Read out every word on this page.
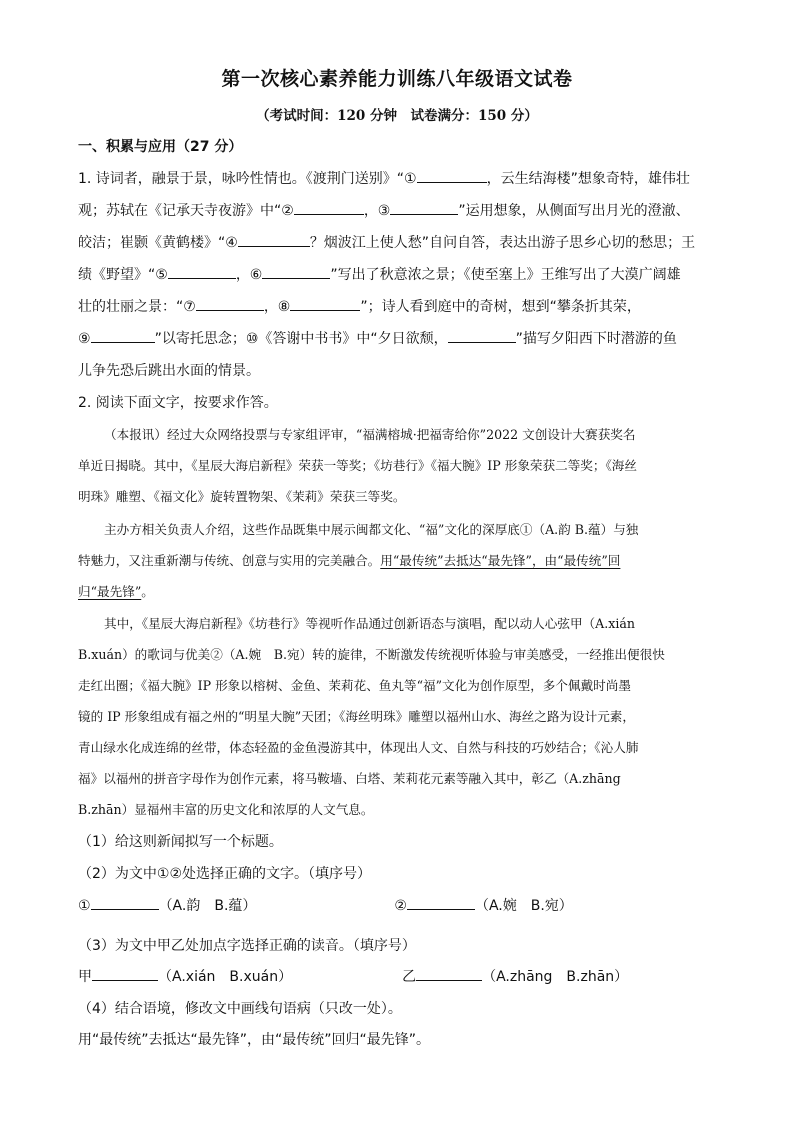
第一次核心素养能力训练八年级语文试卷
（考试时间：120 分钟　试卷满分：150 分）
一、积累与应用（27 分）
1. 诗词者，融景于景，咏吟性情也。《渡荆门送别》“①	，云生结海楼”想象奇特，雄伟壮
观；苏轼在《记承天寺夜游》中“②	，③	”运用想象，从侧面写出月光的澄澈、
皎洁；崔颢《黄鹤楼》“④	？烟波江上使人愁”自问自答，表达出游子思乡心切的愁思；王
绩《野望》“⑤	，⑥	”写出了秋意浓之景；《使至塞上》王维写出了大漠广阔雄
壮的壮丽之景：“⑦	，⑧	”；诗人看到庭中的奇树，想到“攀条折其荣，
⑨	”以寄托思念；⑩《答谢中书书》中“夕日欲颓，	”描写夕阳西下时潜游的鱼
儿争先恐后跳出水面的情景。
2. 阅读下面文字，按要求作答。
（本报讯）经过大众网络投票与专家组评审，“福满榕城·把福寄给你”2022 文创设计大赛获奖名
单近日揭晓。其中，《星辰大海启新程》荣获一等奖；《坊巷行》《福大腕》IP 形象荣获二等奖；《海丝
明珠》雕塑、《福文化》旋转置物架、《茉莉》荣获三等奖。
主办方相关负责人介绍，这些作品既集中展示闽都文化、“福”文化的深厚底①（A.韵 B.蕴）与独
特魅力，又注重新潮与传统、创意与实用的完美融合。用“最传统”去抵达“最先锋”，由“最传统”回
归“最先锋”。
其中，《星辰大海启新程》《坊巷行》等视听作品通过创新语态与演唱，配以动人心弦甲（A.xián
B.xuán）的歌词与优美②（A.婉　B.宛）转的旋律，不断激发传统视听体验与审美感受，一经推出便很快
走红出圈；《福大腕》IP 形象以榕树、金鱼、茉莉花、鱼丸等“福”文化为创作原型，多个佩戴时尚墨
镜的 IP 形象组成有福之州的“明星大腕”天团；《海丝明珠》雕塑以福州山水、海丝之路为设计元素，
青山绿水化成连绵的丝带，体态轻盈的金鱼漫游其中，体现出人文、自然与科技的巧妙结合；《沁人肺
福》以福州的拼音字母作为创作元素，将马鞍墙、白塔、茉莉花元素等融入其中，彰乙（A.zhāng
B.zhān）显福州丰富的历史文化和浓厚的人文气息。
（1）给这则新闻拟写一个标题。
（2）为文中①②处选择正确的文字。（填序号）
①	（A.韵　B.蕴）	②	（A.婉　B.宛）
（3）为文中甲乙处加点字选择正确的读音。（填序号）
甲	（A.xián　B.xuán）	乙	（A.zhāng　B.zhān）
（4）结合语境，修改文中画线句语病（只改一处）。
用“最传统”去抵达“最先锋”，由“最传统”回归“最先锋”。
